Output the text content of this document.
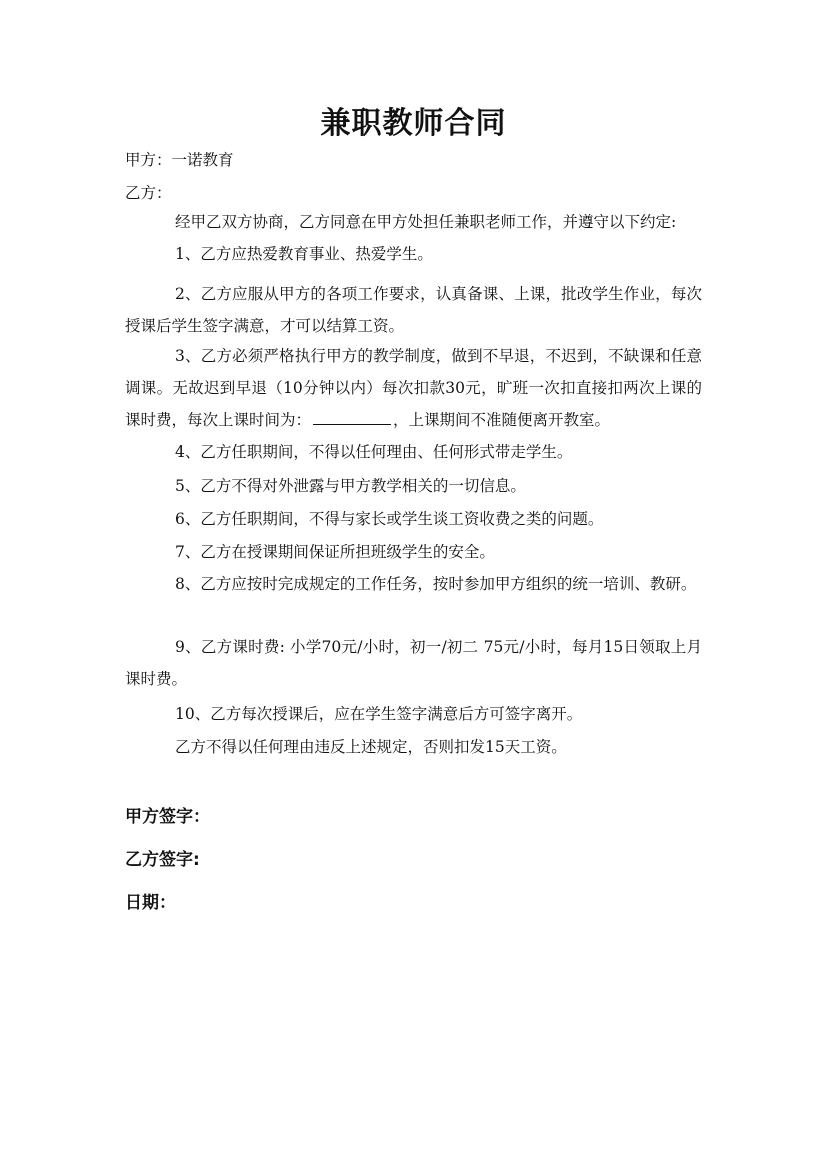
兼职教师合同
甲方：一诺教育
乙方：
经甲乙双方协商，乙方同意在甲方处担任兼职老师工作，并遵守以下约定:
1、乙方应热爱教育事业、热爱学生。
2、乙方应服从甲方的各项工作要求，认真备课、上课，批改学生作业，每次授课后学生签字满意，才可以结算工资。
3、乙方必须严格执行甲方的教学制度，做到不早退，不迟到，不缺课和任意调课。无故迟到早退（10分钟以内）每次扣款30元，旷班一次扣直接扣两次上课的课时费，每次上课时间为：	，上课期间不准随便离开教室。
4、乙方任职期间，不得以任何理由、任何形式带走学生。
5、乙方不得对外泄露与甲方教学相关的一切信息。
6、乙方任职期间，不得与家长或学生谈工资收费之类的问题。
7、乙方在授课期间保证所担班级学生的安全。
8、乙方应按时完成规定的工作任务，按时参加甲方组织的统一培训、教研。
9、乙方课时费: 小学70元/小时，初一/初二 75元/小时，每月15日领取上月课时费。
10、乙方每次授课后，应在学生签字满意后方可签字离开。
乙方不得以任何理由违反上述规定，否则扣发15天工资。
甲方签字：
乙方签字:
日期：
